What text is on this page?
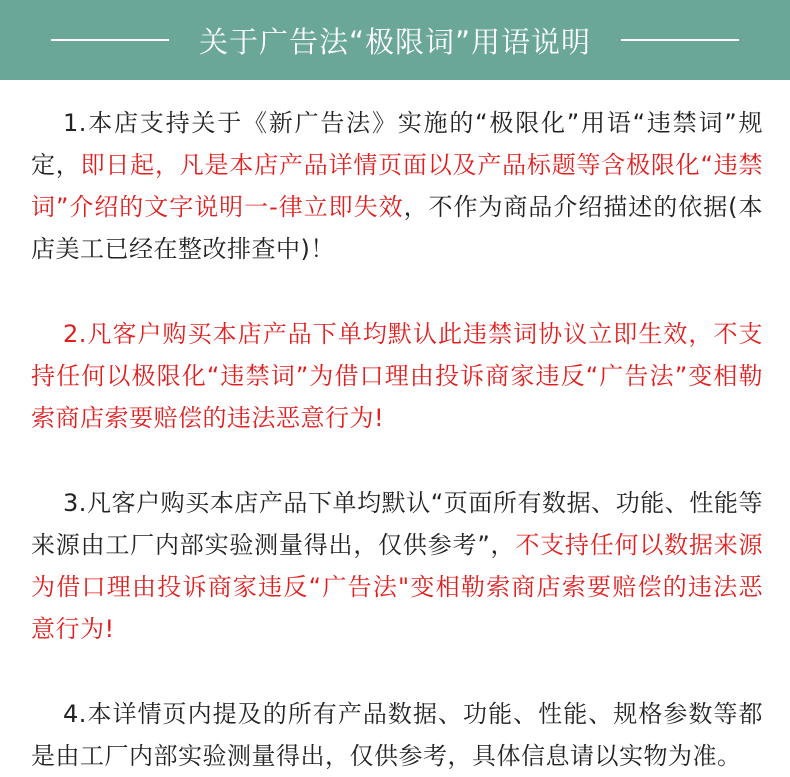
关于广告法“极限词”用语说明

1.本店支持关于《新广告法》实施的“极限化”用语“违禁词”规定，即日起，凡是本店产品详情页面以及产品标题等含极限化“违禁词”介绍的文字说明一-律立即失效，不作为商品介绍描述的依据(本店美工已经在整改排查中)！

2.凡客户购买本店产品下单均默认此违禁词协议立即生效，不支持任何以极限化“违禁词”为借口理由投诉商家违反“广告法”变相勒索商店索要赔偿的违法恶意行为!

3.凡客户购买本店产品下单均默认“页面所有数据、功能、性能等来源由工厂内部实验测量得出，仅供参考”，不支持任何以数据来源为借口理由投诉商家违反“广告法"变相勒索商店索要赔偿的违法恶意行为!

4.本详情页内提及的所有产品数据、功能、性能、规格参数等都是由工厂内部实验测量得出，仅供参考，具体信息请以实物为准。
